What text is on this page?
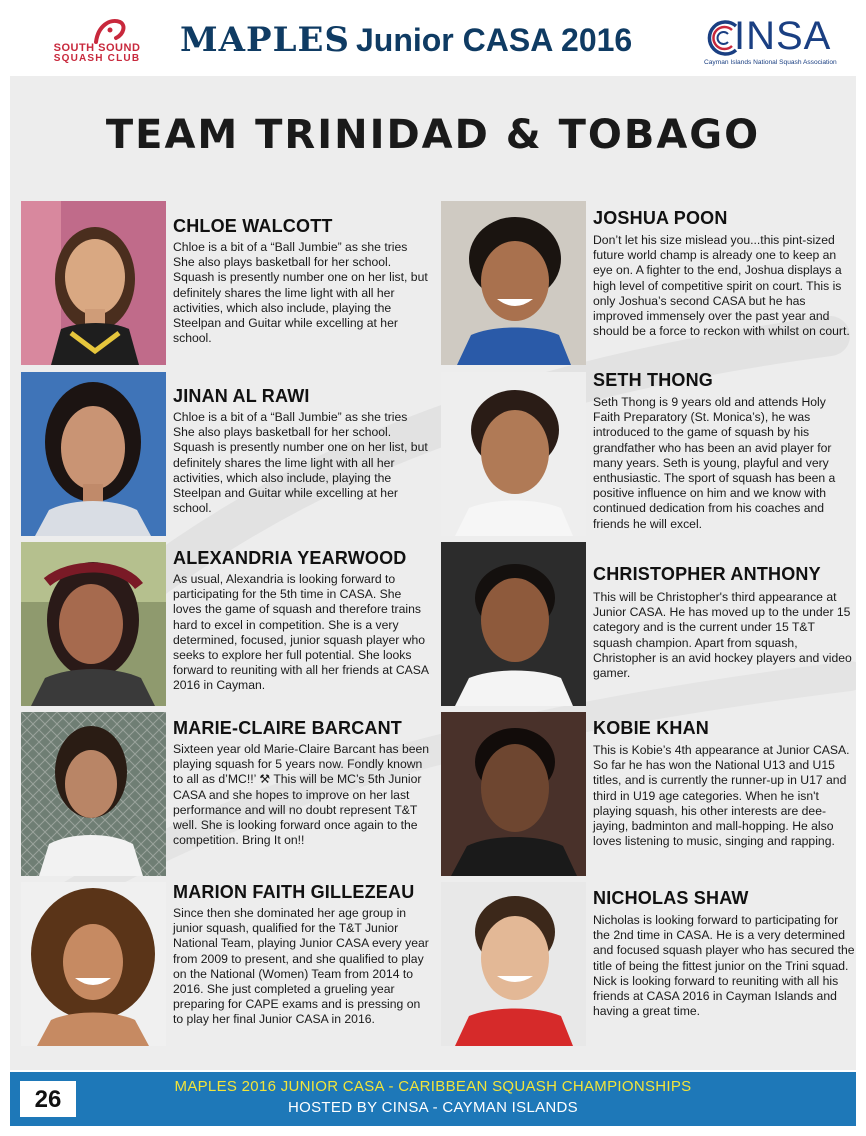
SOUTH SOUND
SQUASH CLUB	MAPLES Junior CASA 2016	INSA
Cayman Islands National Squash Association
TEAM TRINIDAD & TOBAGO
CHLOE WALCOTT
Chloe is a bit of a “Ball Jumbie” as she tries She also plays basketball for her school. Squash is presently number one on her list, but definitely shares the lime light with all her activities, which also include, playing the Steelpan and Guitar while excelling at her school.
JINAN AL RAWI
Chloe is a bit of a “Ball Jumbie” as she tries She also plays basketball for her school. Squash is presently number one on her list, but definitely shares the lime light with all her activities, which also include, playing the Steelpan and Guitar while excelling at her school.
ALEXANDRIA YEARWOOD
As usual, Alexandria is looking forward to participating for the 5th time in CASA. She loves the game of squash and therefore trains hard to excel in competition. She is a very determined, focused, junior squash player who seeks to explore her full potential. She looks forward to reuniting with all her friends at CASA 2016 in Cayman.
MARIE-CLAIRE BARCANT
Sixteen year old Marie-Claire Barcant has been playing squash for 5 years now. Fondly known to all as d’MC!!’ ⚒ This will be MC’s 5th Junior CASA and she hopes to improve on her last performance and will no doubt represent T&T well. She is looking forward once again to the competition. Bring It on!!
MARION FAITH GILLEZEAU
Since then she dominated her age group in junior squash, qualified for the T&T Junior National Team, playing Junior CASA every year from 2009 to present, and she qualified to play on the National (Women) Team from 2014 to 2016. She just completed a grueling year preparing for CAPE exams and is pressing on to play her final Junior CASA in 2016.
JOSHUA POON
Don’t let his size mislead you...this pint-sized future world champ is already one to keep an eye on. A fighter to the end, Joshua displays a high level of competitive spirit on court. This is only Joshua’s second CASA but he has improved immensely over the past year and should be a force to reckon with whilst on court.
SETH THONG
Seth Thong is 9 years old and attends Holy Faith Preparatory (St. Monica’s), he was introduced to the game of squash by his grandfather who has been an avid player for many years. Seth is young, playful and very enthusiastic. The sport of squash has been a positive influence on him and we know with continued dedication from his coaches and friends he will excel.
CHRISTOPHER ANTHONY
This will be Christopher's third appearance at Junior CASA. He has moved up to the under 15 category and is the current under 15 T&T squash champion. Apart from squash, Christopher is an avid hockey players and video gamer.
KOBIE KHAN
This is Kobie’s 4th appearance at Junior CASA. So far he has won the National U13 and U15 titles, and is currently the runner-up in U17 and third in U19 age categories. When he isn't playing squash, his other interests are dee-jaying, badminton and mall-hopping. He also loves listening to music, singing and rapping.
NICHOLAS SHAW
Nicholas is looking forward to participating for the 2nd time in CASA. He is a very determined and focused squash player who has secured the title of being the fittest junior on the Trini squad. Nick is looking forward to reuniting with all his friends at CASA 2016 in Cayman Islands and having a great time.
26	MAPLES 2016 JUNIOR CASA - CARIBBEAN SQUASH CHAMPIONSHIPS
HOSTED BY CINSA - CAYMAN ISLANDS
